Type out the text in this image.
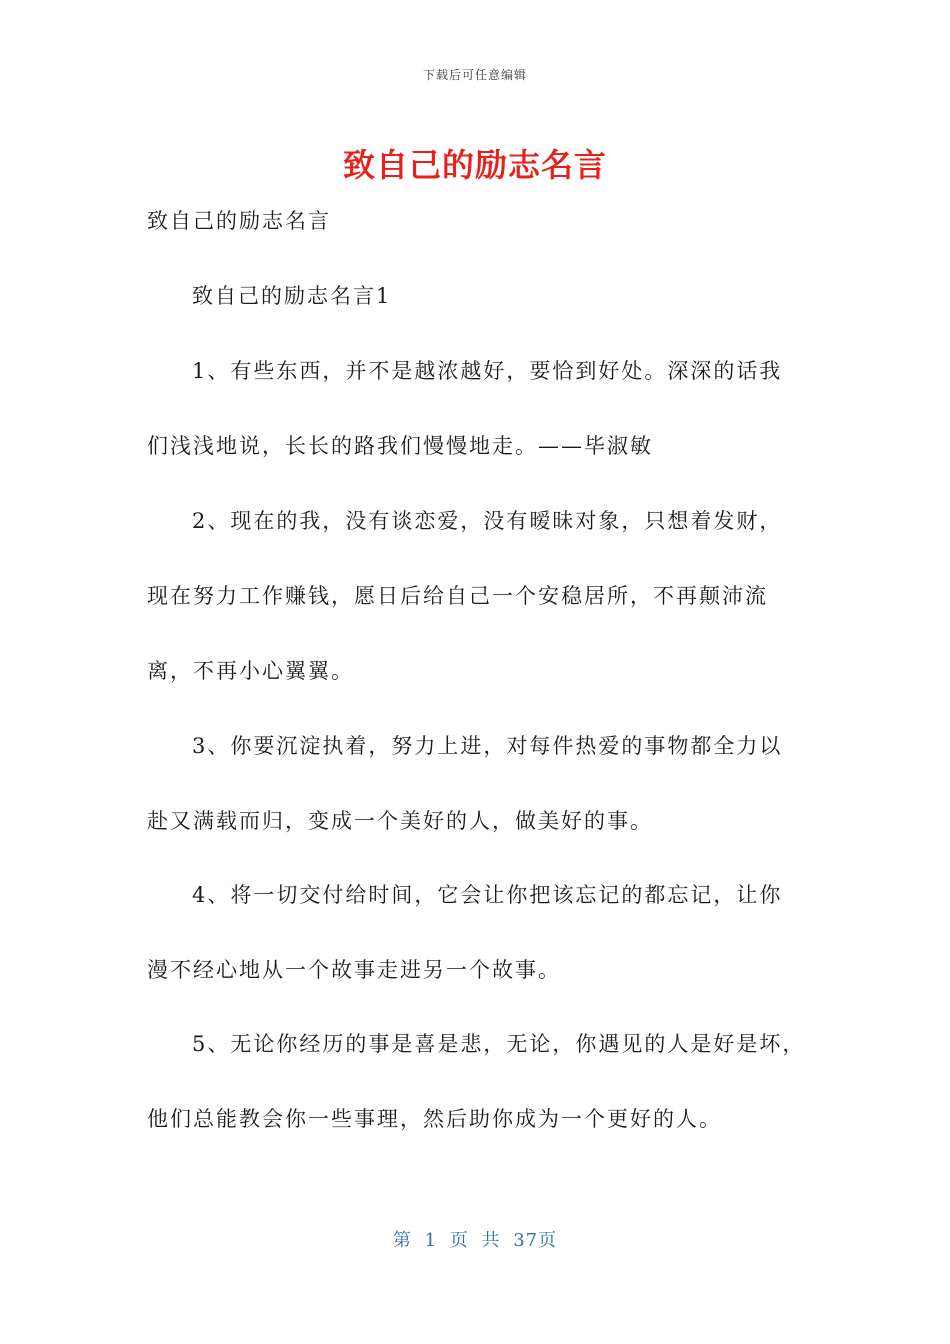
下载后可任意编辑
致自己的励志名言
致自己的励志名言
致自己的励志名言1
1、有些东西，并不是越浓越好，要恰到好处。深深的话我
们浅浅地说，长长的路我们慢慢地走。——毕淑敏
2、现在的我，没有谈恋爱，没有暧昧对象，只想着发财，
现在努力工作赚钱，愿日后给自己一个安稳居所，不再颠沛流
离，不再小心翼翼。
3、你要沉淀执着，努力上进，对每件热爱的事物都全力以
赴又满载而归，变成一个美好的人，做美好的事。
4、将一切交付给时间，它会让你把该忘记的都忘记，让你
漫不经心地从一个故事走进另一个故事。
5、无论你经历的事是喜是悲，无论，你遇见的人是好是坏，
他们总能教会你一些事理，然后助你成为一个更好的人。
第 1 页 共 37页
